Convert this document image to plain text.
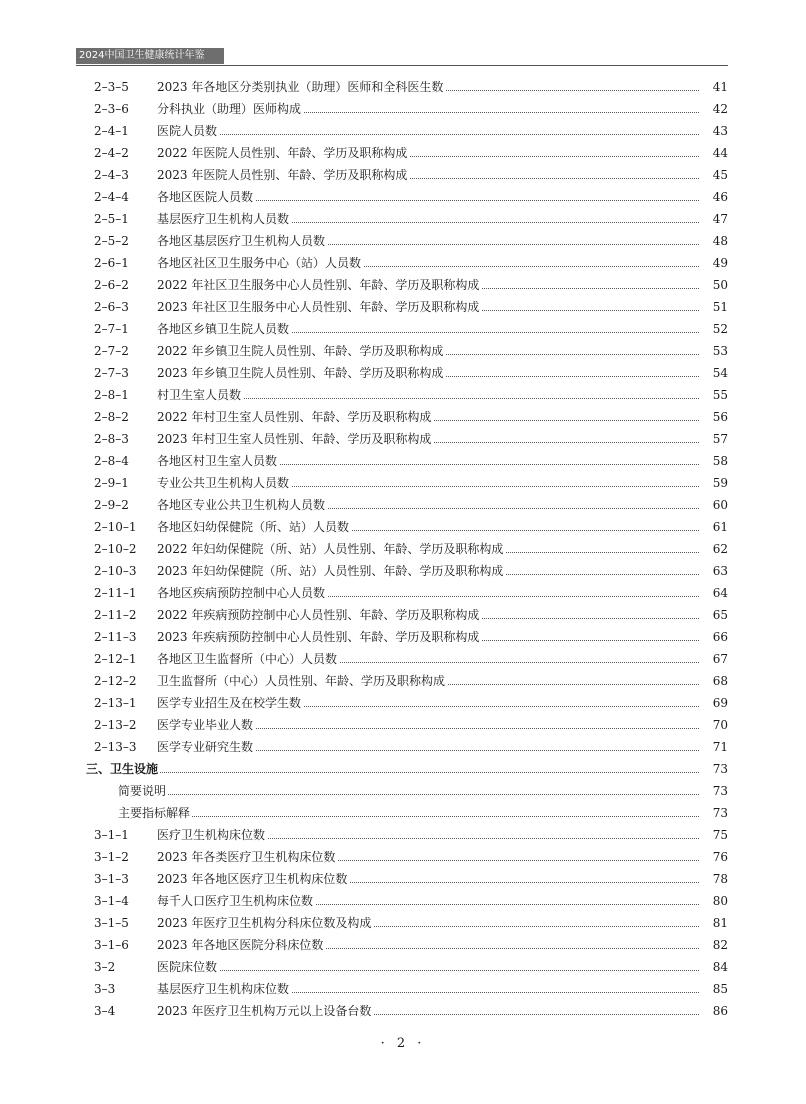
2024中国卫生健康统计年鉴
2–3–5 2023 年各地区分类别执业（助理）医师和全科医生数	41
2–3–6 分科执业（助理）医师构成	42
2–4–1 医院人员数	43
2–4–2 2022 年医院人员性别、年龄、学历及职称构成	44
2–4–3 2023 年医院人员性别、年龄、学历及职称构成	45
2–4–4 各地区医院人员数	46
2–5–1 基层医疗卫生机构人员数	47
2–5–2 各地区基层医疗卫生机构人员数	48
2–6–1 各地区社区卫生服务中心（站）人员数	49
2–6–2 2022 年社区卫生服务中心人员性别、年龄、学历及职称构成	50
2–6–3 2023 年社区卫生服务中心人员性别、年龄、学历及职称构成	51
2–7–1 各地区乡镇卫生院人员数	52
2–7–2 2022 年乡镇卫生院人员性别、年龄、学历及职称构成	53
2–7–3 2023 年乡镇卫生院人员性别、年龄、学历及职称构成	54
2–8–1 村卫生室人员数	55
2–8–2 2022 年村卫生室人员性别、年龄、学历及职称构成	56
2–8–3 2023 年村卫生室人员性别、年龄、学历及职称构成	57
2–8–4 各地区村卫生室人员数	58
2–9–1 专业公共卫生机构人员数	59
2–9–2 各地区专业公共卫生机构人员数	60
2–10–1 各地区妇幼保健院（所、站）人员数	61
2–10–2 2022 年妇幼保健院（所、站）人员性别、年龄、学历及职称构成	62
2–10–3 2023 年妇幼保健院（所、站）人员性别、年龄、学历及职称构成	63
2–11–1 各地区疾病预防控制中心人员数	64
2–11–2 2022 年疾病预防控制中心人员性别、年龄、学历及职称构成	65
2–11–3 2023 年疾病预防控制中心人员性别、年龄、学历及职称构成	66
2–12–1 各地区卫生监督所（中心）人员数	67
2–12–2 卫生监督所（中心）人员性别、年龄、学历及职称构成	68
2–13–1 医学专业招生及在校学生数	69
2–13–2 医学专业毕业人数	70
2–13–3 医学专业研究生数	71
三、卫生设施	73
简要说明	73
主要指标解释	73
3–1–1 医疗卫生机构床位数	75
3–1–2 2023 年各类医疗卫生机构床位数	76
3–1–3 2023 年各地区医疗卫生机构床位数	78
3–1–4 每千人口医疗卫生机构床位数	80
3–1–5 2023 年医疗卫生机构分科床位数及构成	81
3–1–6 2023 年各地区医院分科床位数	82
3–2	医院床位数	84
3–3	基层医疗卫生机构床位数	85
3–4	2023 年医疗卫生机构万元以上设备台数	86
· 2 ·
